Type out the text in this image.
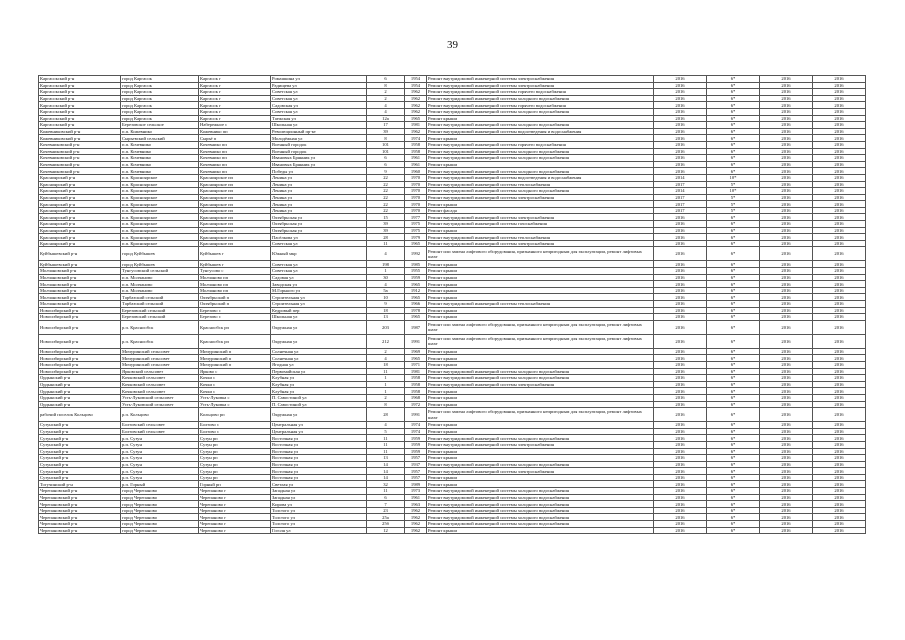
39
Каргасокский р-н	город Каргасок	Каргасок г	Ромашкина ул	6	1954	Ремонт внутридомовой инженерной системы электроснабжения	2016	6*	2016	2016
Каргасокский р-н	город Каргасок	Каргасок г	Радищева ул	8	1954	Ремонт внутридомовой инженерной системы электроснабжения	2016	6*	2016	2016
Каргасокский р-н	город Каргасок	Каргасок г	Советская ул	2	1962	Ремонт внутридомовой инженерной системы горячего водоснабжения	2016	6*	2016	2016
Каргасокский р-н	город Каргасок	Каргасок г	Советская ул	2	1962	Ремонт внутридомовой инженерной системы холодного водоснабжения	2016	6*	2016	2016
Каргасокский р-н	город Каргасок	Каргасок г	Садовская ул	4	1962	Ремонт внутридомовой инженерной системы горячего водоснабжения	2016	6*	2016	2016
Каргасокский р-н	город Каргасок	Каргасок г	Советская ул	4	1962	Ремонт внутридомовой инженерной системы холодного водоснабжения	2016	6*	2016	2016
Каргасокский р-н	город Каргасок	Каргасок г	Таежская ул	12а	1965	Ремонт крыши	2016	6*	2016	2016
Каргасокский р-н	Березовское сельское	Набережное с	Школьная ул	17	1981	Ремонт внутридомовой инженерной системы холодного водоснабжения	2016	6*	2016	2016
Кожевниковский р-н	п.п. Кожевнико	Кожевнико пп	Революционный пр-кт	39	1962	Ремонт внутридомовой инженерной системы водоотведения и водоснабжения	2016	6*	2016	2016
Кожевниковский р-н	Сырьевский сельский	Сырьё п	Молодёжная ул	8	1974	Ремонт крыши	2016	6*	2016	2016
Кочевниковский р-н	п.п. Кочевнико	Кочевнико пп	Военный городок	101	1958	Ремонт внутридомовой инженерной системы горячего водоснабжения	2016	6*	2016	2016
Кочевниковский р-н	п.п. Кочевнико	Кочевнико пп	Военный городок	101	1958	Ремонт внутридомовой инженерной системы холодного водоснабжения	2016	6*	2016	2016
Кочевниковский р-н	п.п. Кочевнико	Кочевнико пп	Ивановых Брянник ул	6	1961	Ремонт внутридомовой инженерной системы холодного водоснабжения	2016	6*	2016	2016
Кочевниковский р-н	п.п. Кочевнико	Кочевнико пп	Ивановых Брянник ул	6	1961	Ремонт крыши	2016	6*	2016	2016
Кочевниковский р-н	п.п. Кочевнико	Кочевнико пп	Победы ул	9	1960	Ремонт внутридомовой инженерной системы холодного водоснабжения	2016	6*	2016	2016
Красноярский р-н	п.п. Красноярское	Красноярское пп	Ленина ул	22	1970	Ремонт внутридомовой инженерной системы водоотведения и водоснабжения	2014	10*	2016	2016
Красноярский р-н	п.п. Красноярское	Красноярское пп	Ленина ул	22	1970	Ремонт внутридомовой инженерной системы теплоснабжения	2017	5*	2016	2016
Красноярский р-н	п.п. Красноярское	Красноярское пп	Ленина ул	22	1970	Ремонт внутридомовой инженерной системы холодного водоснабжения	2014	10*	2016	2016
Красноярский р-н	п.п. Красноярское	Красноярское пп	Ленина ул	22	1970	Ремонт внутридомовой инженерной системы электроснабжения	2017	5*	2016	2016
Красноярский р-н	п.п. Красноярское	Красноярское пп	Ленина ул	22	1970	Ремонт крыши	2017	5*	2016	2016
Красноярский р-н	п.п. Красноярское	Красноярское пп	Ленина ул	22	1970	Ремонт фасада	2017	5*	2016	2016
Красноярский р-н	п.п. Красноярское	Красноярское пп	Октябрьская ул	15	1977	Ремонт внутридомовой инженерной системы электроснабжения	2016	6*	2016	2016
Красноярский р-н	п.п. Красноярское	Красноярское пп	Октябрьская ул	39	1975	Ремонт внутридомовой инженерной системы газоснабжения	2016	6*	2016	2016
Красноярский р-н	п.п. Красноярское	Красноярское пп	Октябрьская ул	39	1975	Ремонт крыши	2016	6*	2016	2016
Красноярский р-н	п.п. Красноярское	Красноярское пп	Пасёлкова ул	28	1979	Ремонт внутридомовой инженерной системы теплоснабжения	2016	6*	2016	2016
Красноярский р-н	п.п. Красноярское	Красноярское пп	Советская ул	11	1965	Ремонт внутридомовой инженерной системы электроснабжения	2016	6*	2016	2016
Куйбышевский р-н	город Куйбышев	Куйбышев г	Южный мкр	4	1992	Ремонт или замена лифтового оборудования, признанного непригодным для эксплуатации, ремонт лифтовых шахт	2016	6*	2016	2016
Куйбышевский р-н	город Куйбышев	Куйбышев г	Советская ул	198	1985	Ремонт крыши	2016	6*	2016	2016
Молчановский р-н	Тунгусовский сельский	Тунгусово с	Советская ул	1	1955	Ремонт крыши	2016	6*	2016	2016
Молчановский р-н	п.п. Молчаново	Молчаново пп	Садовая ул	30	1959	Ремонт крыши	2016	6*	2016	2016
Молчановский р-н	п.п. Молчаново	Молчаново пп	Заводская ул	4	1965	Ремонт крыши	2016	6*	2016	2016
Молчановский р-н	п.п. Молчаново	Молчаново пп	М.Горького ул	5а	1912	Ремонт крыши	2016	6*	2016	2016
Молчановский р-н	Тарбазский сельский	Октябрьский п	Строительная ул	10	1965	Ремонт крыши	2016	6*	2016	2016
Молчановский р-н	Тарбазский сельский	Октябрьский п	Строительная ул	9	1966	Ремонт внутридомовой инженерной системы теплоснабжения	2016	6*	2016	2016
Новосибирский р-н	Березовский сельский	Березово с	Кедровый пер	18	1978	Ремонт крыши	2016	6*	2016	2016
Новосибирский р-н	Березовский сельский	Березово с	Школьная ул	13	1965	Ремонт крыши	2016	6*	2016	2016
Новосибирский р-н	р.п. Краснообск	Краснообск рп	Окружная ул	203	1987	Ремонт или замена лифтового оборудования, признанного непригодным для эксплуатации, ремонт лифтовых шахт	2016	6*	2016	2016
Новосибирский р-н	р.п. Краснообск	Краснообск рп	Окружная ул	212	1991	Ремонт или замена лифтового оборудования, признанного непригодным для эксплуатации, ремонт лифтовых шахт	2016	6*	2016	2016
Новосибирский р-н	Мичуринский сельсовет	Мичуринский п	Солнечная ул	2	1969	Ремонт крыши	2016	6*	2016	2016
Новосибирский р-н	Мичуринский сельсовет	Мичуринский п	Солнечная ул	4	1965	Ремонт крыши	2016	6*	2016	2016
Новосибирский р-н	Мичуринский сельсовет	Мичуринский п	Ягодная ул	18	1971	Ремонт крыши	2016	6*	2016	2016
Новосибирский р-н	Ярковский сельсовет	Ярково с	Первомайская ул	11	1981	Ремонт внутридомовой инженерной системы холодного водоснабжения	2016	6*	2016	2016
Ордынский р-н	Кочковский сельсовет	Кочки с	Клубная ул	1	1958	Ремонт внутридомовой инженерной системы холодного водоснабжения	2016	6*	2016	2016
Ордынский р-н	Кочковский сельсовет	Кочки с	Клубная ул	1	1958	Ремонт внутридомовой инженерной системы электроснабжения	2016	6*	2016	2016
Ордынский р-н	Кочковский сельсовет	Кочки с	Клубная ул	1	1958	Ремонт крыши	2016	6*	2016	2016
Ордынский р-н	Усть-Луковский сельсовет	Усть-Луковка с	П. Савостиной ул	2	1968	Ремонт крыши	2016	6*	2016	2016
Ордынский р-н	Усть-Луковский сельсовет	Усть-Луковка с	П. Савостиной ул	8	1972	Ремонт крыши	2016	6*	2016	2016
рабочий поселок Кольцово	р.п. Кольцово	Кольцово рп	Окружная ул	28	1991	Ремонт или замена лифтового оборудования, признанного непригодным для эксплуатации, ремонт лифтовых шахт	2016	6*	2016	2016
Сузунский р-н	Болтовский сельсовет	Болтово с	Центральная ул	4	1974	Ремонт крыши	2016	6*	2016	2016
Сузунский р-н	Болтовский сельсовет	Болтово с	Центральная ул	5	1974	Ремонт крыши	2016	6*	2016	2016
Сузунский р-н	р.п. Сузун	Сузун рп	Восточная ул	11	1959	Ремонт внутридомовой инженерной системы холодного водоснабжения	2016	6*	2016	2016
Сузунский р-н	р.п. Сузун	Сузун рп	Восточная ул	11	1959	Ремонт внутридомовой инженерной системы электроснабжения	2016	6*	2016	2016
Сузунский р-н	р.п. Сузун	Сузун рп	Восточная ул	11	1959	Ремонт крыши	2016	6*	2016	2016
Сузунский р-н	р.п. Сузун	Сузун рп	Восточная ул	13	1957	Ремонт крыши	2016	6*	2016	2016
Сузунский р-н	р.п. Сузун	Сузун рп	Восточная ул	14	1937	Ремонт внутридомовой инженерной системы холодного водоснабжения	2016	6*	2016	2016
Сузунский р-н	р.п. Сузун	Сузун рп	Восточная ул	14	1957	Ремонт внутридомовой инженерной системы электроснабжения	2016	6*	2016	2016
Сузунский р-н	р.п. Сузун	Сузун рп	Восточная ул	14	1957	Ремонт крыши	2016	6*	2016	2016
Тогучинский р-н	р.п. Горный	Горный рп	Светлая ул	32	1989	Ремонт крыши	2016	6*	2016	2016
Черепановский р-н	город Черепаново	Черепаново г	Западная ул	11	1973	Ремонт внутридомовой инженерной системы холодного водоснабжения	2016	6*	2016	2016
Черепановский р-н	город Черепаново	Черепаново г	Западная ул	6	1961	Ремонт внутридомовой инженерной системы холодного водоснабжения	2016	6*	2016	2016
Черепановский р-н	город Черепаново	Черепаново г	Кирова ул	7	1963	Ремонт внутридомовой инженерной системы холодного водоснабжения	2016	6*	2016	2016
Черепановский р-н	город Черепаново	Черепаново г	Толстого ул	23	1962	Ремонт внутридомовой инженерной системы холодного водоснабжения	2016	6*	2016	2016
Черепановский р-н	город Черепаново	Черепаново г	Толстого ул	25а	1962	Ремонт внутридомовой инженерной системы холодного водоснабжения	2016	6*	2016	2016
Черепановский р-н	город Черепаново	Черепаново г	Толстого ул	25б	1962	Ремонт внутридомовой инженерной системы холодного водоснабжения	2016	6*	2016	2016
Черепановский р-н	город Черепаново	Черепаново г	Гоголя ул	12	1962	Ремонт крыши	2016	6*	2016	2016
